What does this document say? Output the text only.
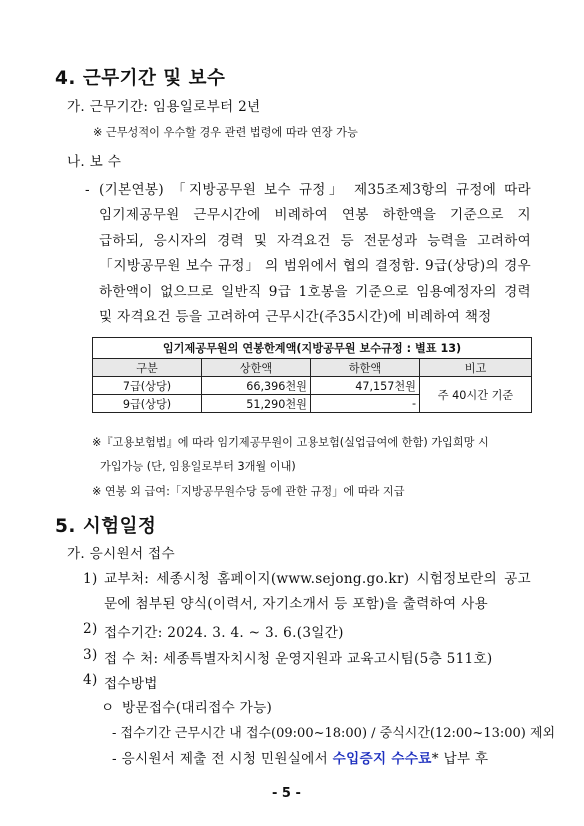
4. 근무기간 및 보수
가. 근무기간: 임용일로부터 2년
※ 근무성적이 우수할 경우 관련 법령에 따라 연장 가능
나. 보 수
- (기본연봉) 「지방공무원 보수 규정」 제35조제3항의 규정에 따라
임기제공무원 근무시간에 비례하여 연봉 하한액을 기준으로 지
급하되, 응시자의 경력 및 자격요건 등 전문성과 능력을 고려하여
「지방공무원 보수 규정」 의 범위에서 협의 결정함. 9급(상당)의 경우
하한액이 없으므로 일반직 9급 1호봉을 기준으로 임용예정자의 경력
및 자격요건 등을 고려하여 근무시간(주35시간)에 비례하여 책정
임기제공무원의 연봉한계액(지방공무원 보수규정 : 별표 13)			
구분	상한액	하한액	비고
7급(상당)	66,396천원	47,157천원	주 40시간 기준
9급(상당)	51,290천원	-	
※『고용보험법』에 따라 임기제공무원이 고용보험(실업급여에 한함) 가입희망 시
가입가능 (단, 임용일로부터 3개월 이내)
※ 연봉 외 급여:「지방공무원수당 등에 관한 규정」에 따라 지급
5. 시험일정
가. 응시원서 접수
1) 교부처: 세종시청 홈페이지(www.sejong.go.kr) 시험정보란의 공고
문에 첨부된 양식(이력서, 자기소개서 등 포함)을 출력하여 사용
2) 접수기간: 2024. 3. 4. ~ 3. 6.(3일간)
3) 접 수 처: 세종특별자치시청 운영지원과 교육고시팀(5층 511호)
4) 접수방법
ㅇ 방문접수(대리접수 가능)
- 접수기간 근무시간 내 접수(09:00~18:00) / 중식시간(12:00~13:00) 제외
- 응시원서 제출 전 시청 민원실에서 수입증지 수수료* 납부 후
- 5 -
